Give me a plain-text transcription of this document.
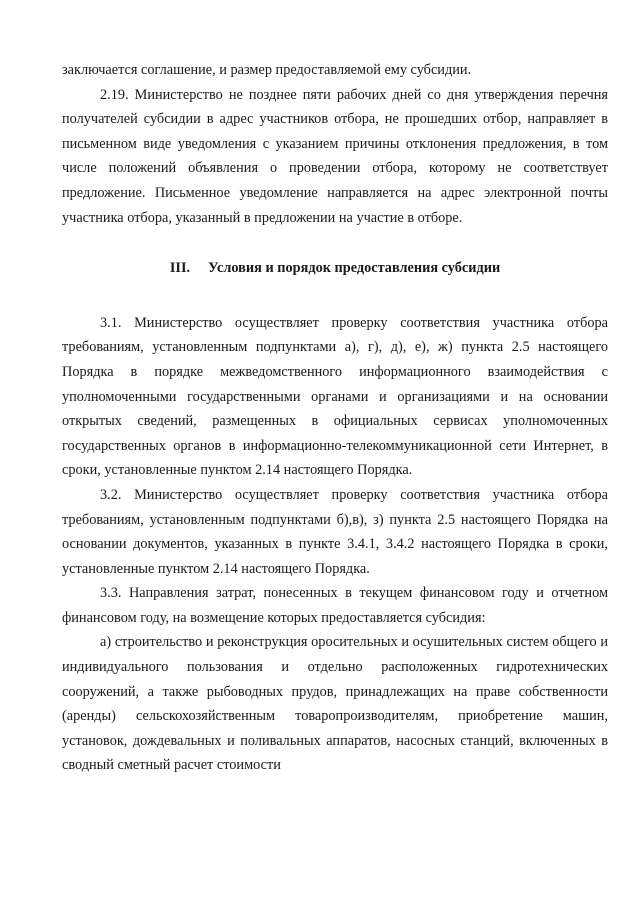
заключается соглашение, и размер предоставляемой ему субсидии.

2.19. Министерство не позднее пяти рабочих дней со дня утверждения перечня получателей субсидии в адрес участников отбора, не прошедших отбор, направляет в письменном виде уведомления с указанием причины отклонения предложения, в том числе положений объявления о проведении отбора, которому не соответствует предложение. Письменное уведомление направляется на адрес электронной почты участника отбора, указанный в предложении на участие в отборе.

III. Условия и порядок предоставления субсидии

3.1. Министерство осуществляет проверку соответствия участника отбора требованиям, установленным подпунктами а), г), д), е), ж) пункта 2.5 настоящего Порядка в порядке межведомственного информационного взаимодействия с уполномоченными государственными органами и организациями и на основании открытых сведений, размещенных в официальных сервисах уполномоченных государственных органов в информационно-телекоммуникационной сети Интернет, в сроки, установленные пунктом 2.14 настоящего Порядка.

3.2. Министерство осуществляет проверку соответствия участника отбора требованиям, установленным подпунктами б),в), з) пункта 2.5 настоящего Порядка на основании документов, указанных в пункте 3.4.1, 3.4.2 настоящего Порядка в сроки, установленные пунктом 2.14 настоящего Порядка.

3.3. Направления затрат, понесенных в текущем финансовом году и отчетном финансовом году, на возмещение которых предоставляется субсидия:

а) строительство и реконструкция оросительных и осушительных систем общего и индивидуального пользования и отдельно расположенных гидротехнических сооружений, а также рыбоводных прудов, принадлежащих на праве собственности (аренды) сельскохозяйственным товаропроизводителям, приобретение машин, установок, дождевальных и поливальных аппаратов, насосных станций, включенных в сводный сметный расчет стоимости
